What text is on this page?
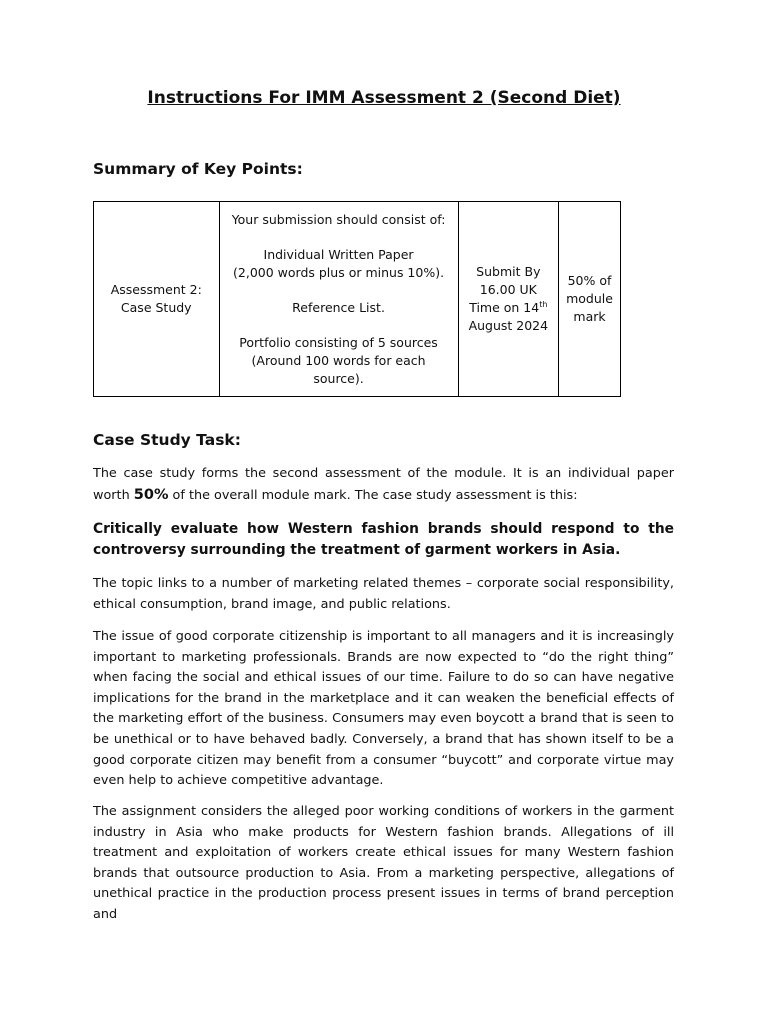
Instructions For IMM Assessment 2 (Second Diet)
Summary of Key Points:
Assessment 2:
Case Study

Your submission should consist of:
Individual Written Paper
(2,000 words plus or minus 10%).
Reference List.
Portfolio consisting of 5 sources
(Around 100 words for each
source).

Submit By
16.00 UK
Time on 14th
August 2024

50% of
module
mark
Case Study Task:

The case study forms the second assessment of the module. It is an individual paper worth 50% of the overall module mark. The case study assessment is this:

Critically evaluate how Western fashion brands should respond to the controversy surrounding the treatment of garment workers in Asia.
The topic links to a number of marketing related themes – corporate social responsibility, ethical consumption, brand image, and public relations.
The issue of good corporate citizenship is important to all managers and it is increasingly important to marketing professionals. Brands are now expected to “do the right thing” when facing the social and ethical issues of our time. Failure to do so can have negative implications for the brand in the marketplace and it can weaken the beneficial effects of the marketing effort of the business. Consumers may even boycott a brand that is seen to be unethical or to have behaved badly. Conversely, a brand that has shown itself to be a good corporate citizen may benefit from a consumer “buycott” and corporate virtue may even help to achieve competitive advantage.
The assignment considers the alleged poor working conditions of workers in the garment industry in Asia who make products for Western fashion brands. Allegations of ill treatment and exploitation of workers create ethical issues for many Western fashion brands that outsource production to Asia. From a marketing perspective, allegations of unethical practice in the production process present issues in terms of brand perception and
